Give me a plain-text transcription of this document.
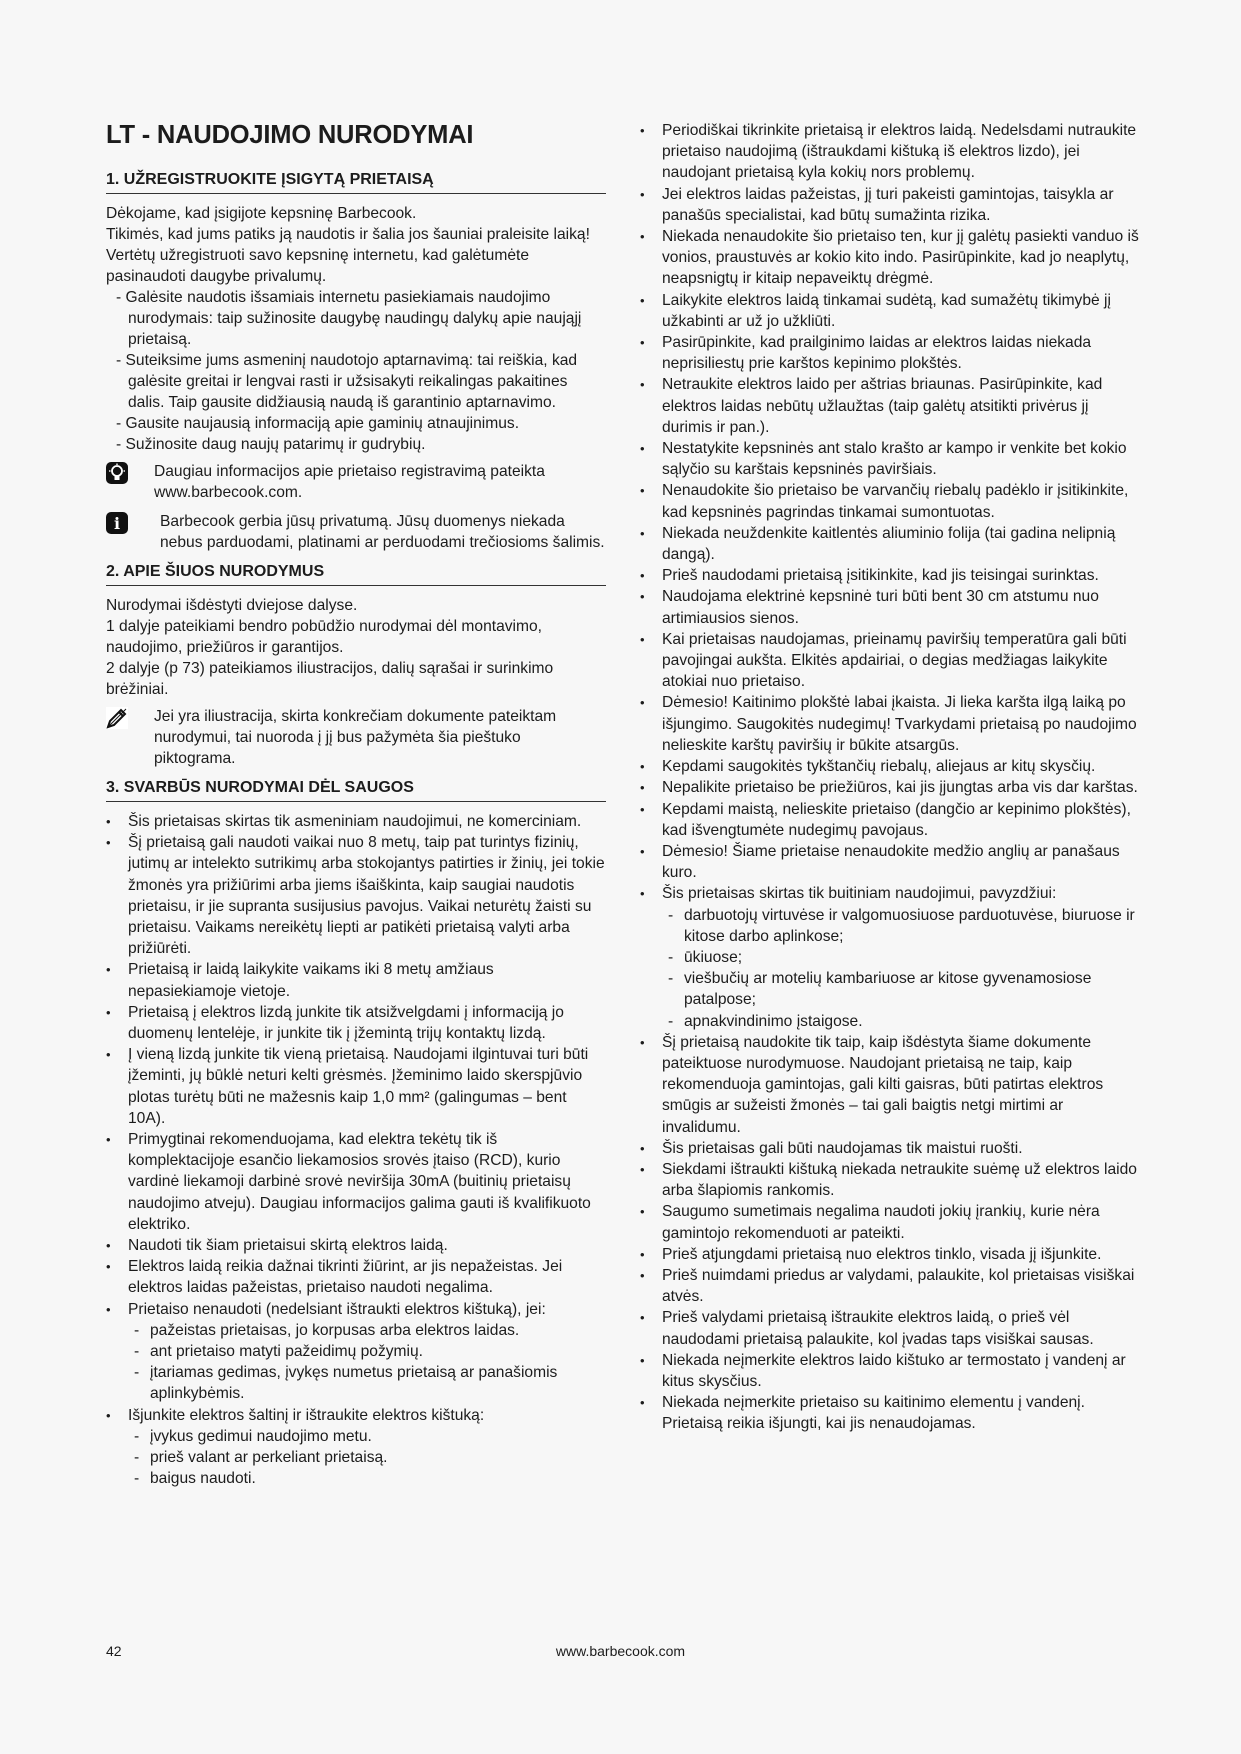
LT - NAUDOJIMO NURODYMAI
1. UŽREGISTRUOKITE ĮSIGYTĄ PRIETAISĄ

Dėkojame, kad įsigijote kepsninę Barbecook.

Tikimės, kad jums patiks ją naudotis ir šalia jos šauniai praleisite laiką! Vertėtų užregistruoti savo kepsninę internetu, kad galėtumėte pasinaudoti daugybe privalumų.

- Galėsite naudotis išsamiais internetu pasiekiamais naudojimo nurodymais: taip sužinosite daugybę naudingų dalykų apie naująjį prietaisą.

- Suteiksime jums asmeninį naudotojo aptarnavimą: tai reiškia, kad galėsite greitai ir lengvai rasti ir užsisakyti reikalingas pakaitines dalis. Taip gausite didžiausią naudą iš garantinio aptarnavimo.

- Gausite naujausią informaciją apie gaminių atnaujinimus.

- Sužinosite daug naujų patarimų ir gudrybių.

Daugiau informacijos apie prietaiso registravimą pateikta www.barbecook.com.
i	Barbecook gerbia jūsų privatumą. Jūsų duomenys niekada nebus parduodami, platinami ar perduodami trečiosioms šalimis.
2. APIE ŠIUOS NURODYMUS

Nurodymai išdėstyti dviejose dalyse.

1 dalyje pateikiami bendro pobūdžio nurodymai dėl montavimo, naudojimo, priežiūros ir garantijos.

2 dalyje (p 73) pateikiamos iliustracijos, dalių sąrašai ir surinkimo brėžiniai.

Jei yra iliustracija, skirta konkrečiam dokumente pateiktam nurodymui, tai nuoroda į jį bus pažymėta šia pieštuko piktograma.
3. SVARBŪS NURODYMAI DĖL SAUGOS
• Šis prietaisas skirtas tik asmeniniam naudojimui, ne komerciniam.
• Šį prietaisą gali naudoti vaikai nuo 8 metų, taip pat turintys fizinių, jutimų ar intelekto sutrikimų arba stokojantys patirties ir žinių, jei tokie žmonės yra prižiūrimi arba jiems išaiškinta, kaip saugiai naudotis prietaisu, ir jie supranta susijusius pavojus. Vaikai neturėtų žaisti su prietaisu. Vaikams nereikėtų liepti ar patikėti prietaisą valyti arba prižiūrėti.
• Prietaisą ir laidą laikykite vaikams iki 8 metų amžiaus nepasiekiamoje vietoje.
• Prietaisą į elektros lizdą junkite tik atsižvelgdami į informaciją jo duomenų lentelėje, ir junkite tik į įžemintą trijų kontaktų lizdą.
• Į vieną lizdą junkite tik vieną prietaisą. Naudojami ilgintuvai turi būti įžeminti, jų būklė neturi kelti grėsmės. Įžeminimo laido skerspjūvio plotas turėtų būti ne mažesnis kaip 1,0 mm² (galingumas – bent 10A).
• Primygtinai rekomenduojama, kad elektra tekėtų tik iš komplektacijoje esančio liekamosios srovės įtaiso (RCD), kurio vardinė liekamoji darbinė srovė neviršija 30mA (buitinių prietaisų naudojimo atveju). Daugiau informacijos galima gauti iš kvalifikuoto elektriko.
• Naudoti tik šiam prietaisui skirtą elektros laidą.
• Elektros laidą reikia dažnai tikrinti žiūrint, ar jis nepažeistas. Jei elektros laidas pažeistas, prietaiso naudoti negalima.
• Prietaiso nenaudoti (nedelsiant ištraukti elektros kištuką), jei:
- pažeistas prietaisas, jo korpusas arba elektros laidas.
- ant prietaiso matyti pažeidimų požymių.
- įtariamas gedimas, įvykęs numetus prietaisą ar panašiomis aplinkybėmis.
• Išjunkite elektros šaltinį ir ištraukite elektros kištuką:
- įvykus gedimui naudojimo metu.
- prieš valant ar perkeliant prietaisą.
- baigus naudoti.
• Periodiškai tikrinkite prietaisą ir elektros laidą. Nedelsdami nutraukite prietaiso naudojimą (ištraukdami kištuką iš elektros lizdo), jei naudojant prietaisą kyla kokių nors problemų.
• Jei elektros laidas pažeistas, jį turi pakeisti gamintojas, taisykla ar panašūs specialistai, kad būtų sumažinta rizika.
• Niekada nenaudokite šio prietaiso ten, kur jį galėtų pasiekti vanduo iš vonios, praustuvės ar kokio kito indo. Pasirūpinkite, kad jo neaplytų, neapsnigtų ir kitaip nepaveiktų drėgmė.
• Laikykite elektros laidą tinkamai sudėtą, kad sumažėtų tikimybė jį užkabinti ar už jo užkliūti.
• Pasirūpinkite, kad prailginimo laidas ar elektros laidas niekada neprisiliestų prie karštos kepinimo plokštės.
• Netraukite elektros laido per aštrias briaunas. Pasirūpinkite, kad elektros laidas nebūtų užlaužtas (taip galėtų atsitikti privėrus jį durimis ir pan.).
• Nestatykite kepsninės ant stalo krašto ar kampo ir venkite bet kokio sąlyčio su karštais kepsninės paviršiais.
• Nenaudokite šio prietaiso be varvančių riebalų padėklo ir įsitikinkite, kad kepsninės pagrindas tinkamai sumontuotas.
• Niekada neuždenkite kaitlentės aliuminio folija (tai gadina nelipnią dangą).
• Prieš naudodami prietaisą įsitikinkite, kad jis teisingai surinktas.
• Naudojama elektrinė kepsninė turi būti bent 30 cm atstumu nuo artimiausios sienos.
• Kai prietaisas naudojamas, prieinamų paviršių temperatūra gali būti pavojingai aukšta. Elkitės apdairiai, o degias medžiagas laikykite atokiai nuo prietaiso.
• Dėmesio! Kaitinimo plokštė labai įkaista. Ji lieka karšta ilgą laiką po išjungimo. Saugokitės nudegimų! Tvarkydami prietaisą po naudojimo nelieskite karštų paviršių ir būkite atsargūs.
• Kepdami saugokitės tykštančių riebalų, aliejaus ar kitų skysčių.
• Nepalikite prietaiso be priežiūros, kai jis įjungtas arba vis dar karštas.
• Kepdami maistą, nelieskite prietaiso (dangčio ar kepinimo plokštės), kad išvengtumėte nudegimų pavojaus.
• Dėmesio! Šiame prietaise nenaudokite medžio anglių ar panašaus kuro.
• Šis prietaisas skirtas tik buitiniam naudojimui, pavyzdžiui:
- darbuotojų virtuvėse ir valgomuosiuose parduotuvėse, biuruose ir kitose darbo aplinkose;
- ūkiuose;
- viešbučių ar motelių kambariuose ar kitose gyvenamosiose patalpose;
- apnakvindinimo įstaigose.
• Šį prietaisą naudokite tik taip, kaip išdėstyta šiame dokumente pateiktuose nurodymuose. Naudojant prietaisą ne taip, kaip rekomenduoja gamintojas, gali kilti gaisras, būti patirtas elektros smūgis ar sužeisti žmonės – tai gali baigtis netgi mirtimi ar invalidumu.
• Šis prietaisas gali būti naudojamas tik maistui ruošti.
• Siekdami ištraukti kištuką niekada netraukite suėmę už elektros laido arba šlapiomis rankomis.
• Saugumo sumetimais negalima naudoti jokių įrankių, kurie nėra gamintojo rekomenduoti ar pateikti.
• Prieš atjungdami prietaisą nuo elektros tinklo, visada jį išjunkite.
• Prieš nuimdami priedus ar valydami, palaukite, kol prietaisas visiškai atvės.
• Prieš valydami prietaisą ištraukite elektros laidą, o prieš vėl naudodami prietaisą palaukite, kol įvadas taps visiškai sausas.
• Niekada neįmerkite elektros laido kištuko ar termostato į vandenį ar kitus skysčius.
• Niekada neįmerkite prietaiso su kaitinimo elementu į vandenį. Prietaisą reikia išjungti, kai jis nenaudojamas.
42	www.barbecook.com
